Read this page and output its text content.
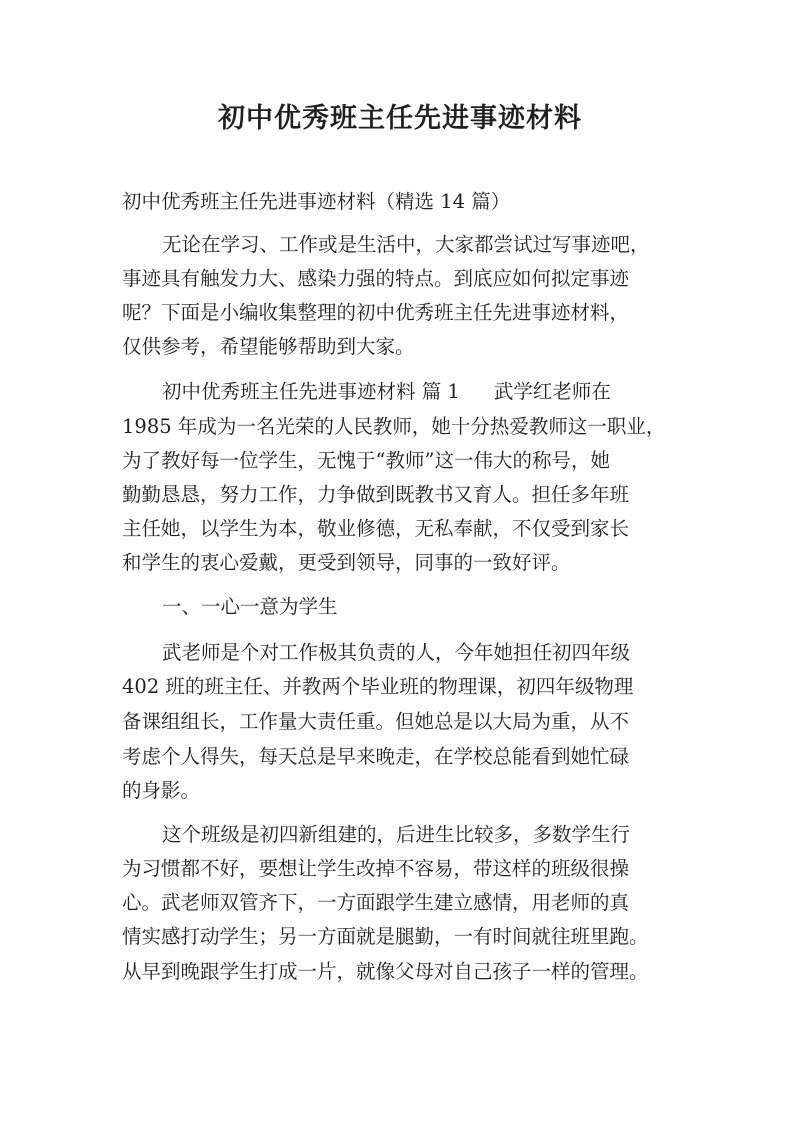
初中优秀班主任先进事迹材料

初中优秀班主任先进事迹材料（精选 14 篇）

无论在学习、工作或是生活中，大家都尝试过写事迹吧，

事迹具有触发力大、感染力强的特点。到底应如何拟定事迹

呢？下面是小编收集整理的初中优秀班主任先进事迹材料，

仅供参考，希望能够帮助到大家。

初中优秀班主任先进事迹材料 篇 1 武学红老师在

1985 年成为一名光荣的人民教师，她十分热爱教师这一职业，

为了教好每一位学生，无愧于“教师”这一伟大的称号，她

勤勤恳恳，努力工作，力争做到既教书又育人。担任多年班

主任她，以学生为本，敬业修德，无私奉献，不仅受到家长

和学生的衷心爱戴，更受到领导，同事的一致好评。

一、一心一意为学生

武老师是个对工作极其负责的人，今年她担任初四年级

402 班的班主任、并教两个毕业班的物理课，初四年级物理

备课组组长，工作量大责任重。但她总是以大局为重，从不

考虑个人得失，每天总是早来晚走，在学校总能看到她忙碌

的身影。

这个班级是初四新组建的，后进生比较多，多数学生行

为习惯都不好，要想让学生改掉不容易，带这样的班级很操

心。武老师双管齐下，一方面跟学生建立感情，用老师的真

情实感打动学生；另一方面就是腿勤，一有时间就往班里跑。

从早到晚跟学生打成一片，就像父母对自己孩子一样的管理。
